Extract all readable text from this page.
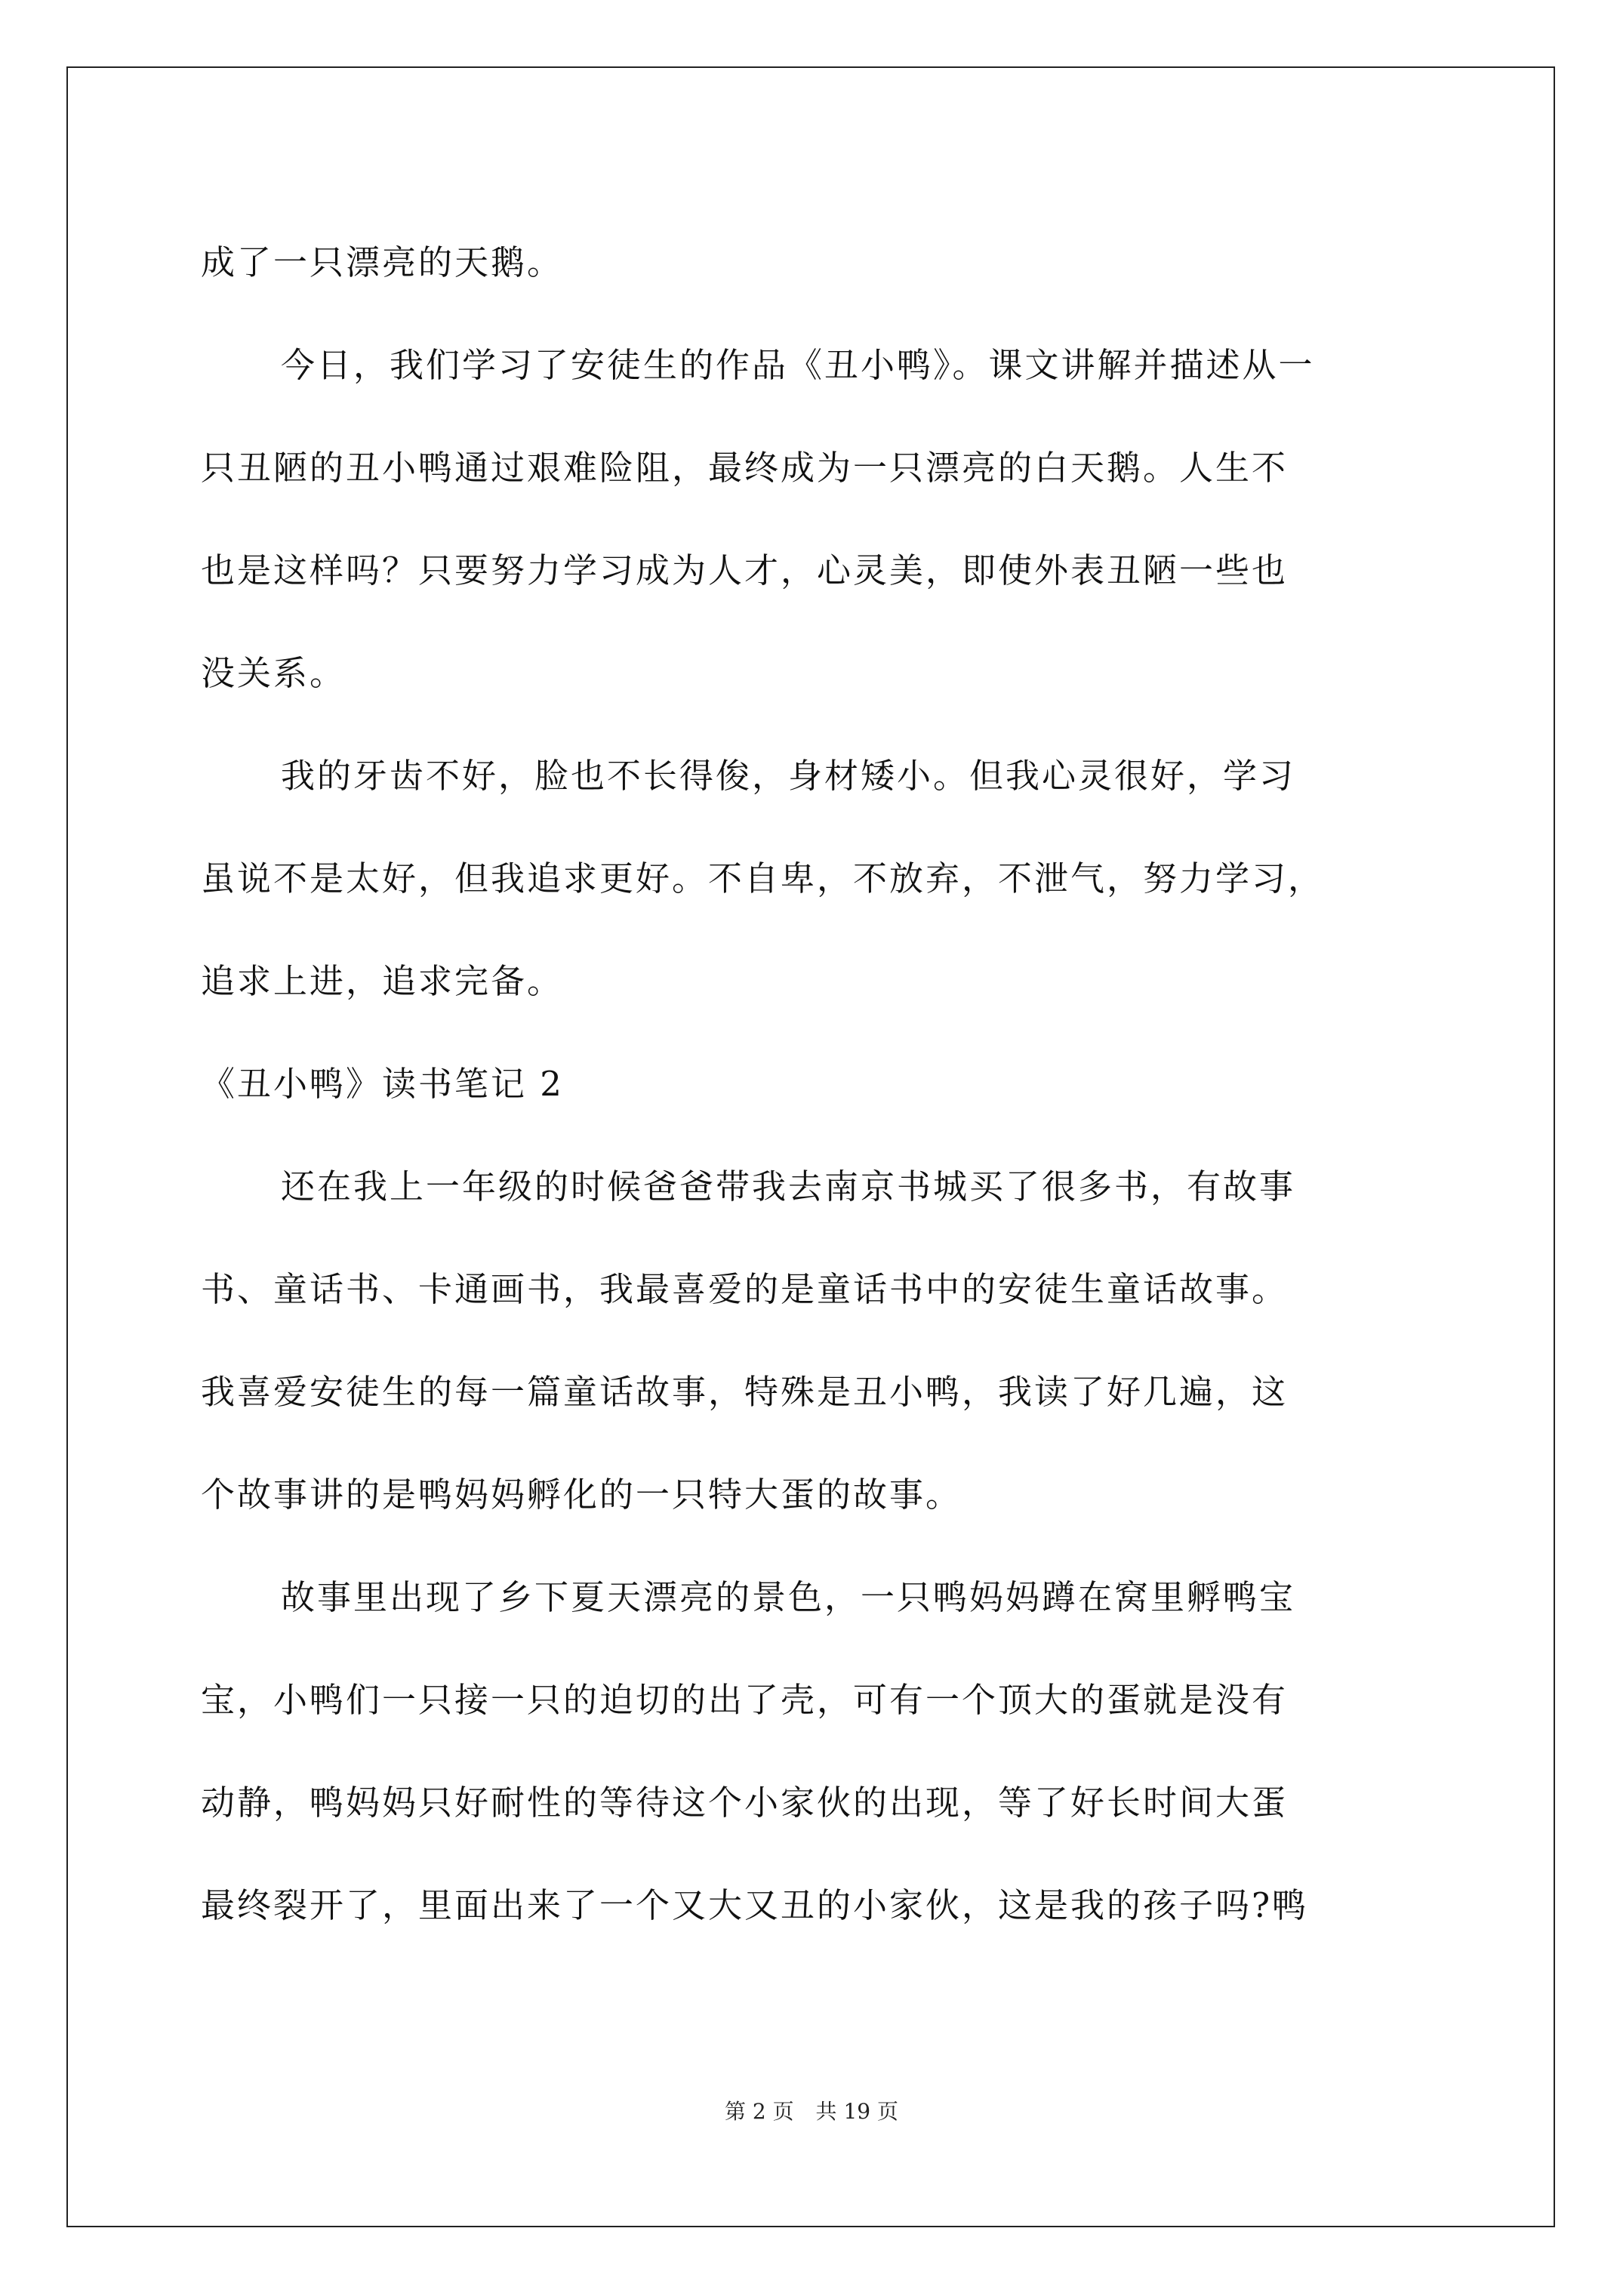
成了一只漂亮的天鹅。
今日，我们学习了安徒生的作品《丑小鸭》。课文讲解并描述从一
只丑陋的丑小鸭通过艰难险阻，最终成为一只漂亮的白天鹅。人生不
也是这样吗？只要努力学习成为人才，心灵美，即使外表丑陋一些也
没关系。
我的牙齿不好，脸也不长得俊，身材矮小。但我心灵很好，学习
虽说不是太好，但我追求更好。不自卑，不放弃，不泄气，努力学习，
追求上进，追求完备。
《丑小鸭》读书笔记 2
还在我上一年级的时候爸爸带我去南京书城买了很多书，有故事
书、童话书、卡通画书，我最喜爱的是童话书中的安徒生童话故事。
我喜爱安徒生的每一篇童话故事，特殊是丑小鸭，我读了好几遍，这
个故事讲的是鸭妈妈孵化的一只特大蛋的故事。
故事里出现了乡下夏天漂亮的景色，一只鸭妈妈蹲在窝里孵鸭宝
宝，小鸭们一只接一只的迫切的出了壳，可有一个顶大的蛋就是没有
动静，鸭妈妈只好耐性的等待这个小家伙的出现，等了好长时间大蛋
最终裂开了，里面出来了一个又大又丑的小家伙，这是我的孩子吗?鸭
第 2 页 共 19 页
